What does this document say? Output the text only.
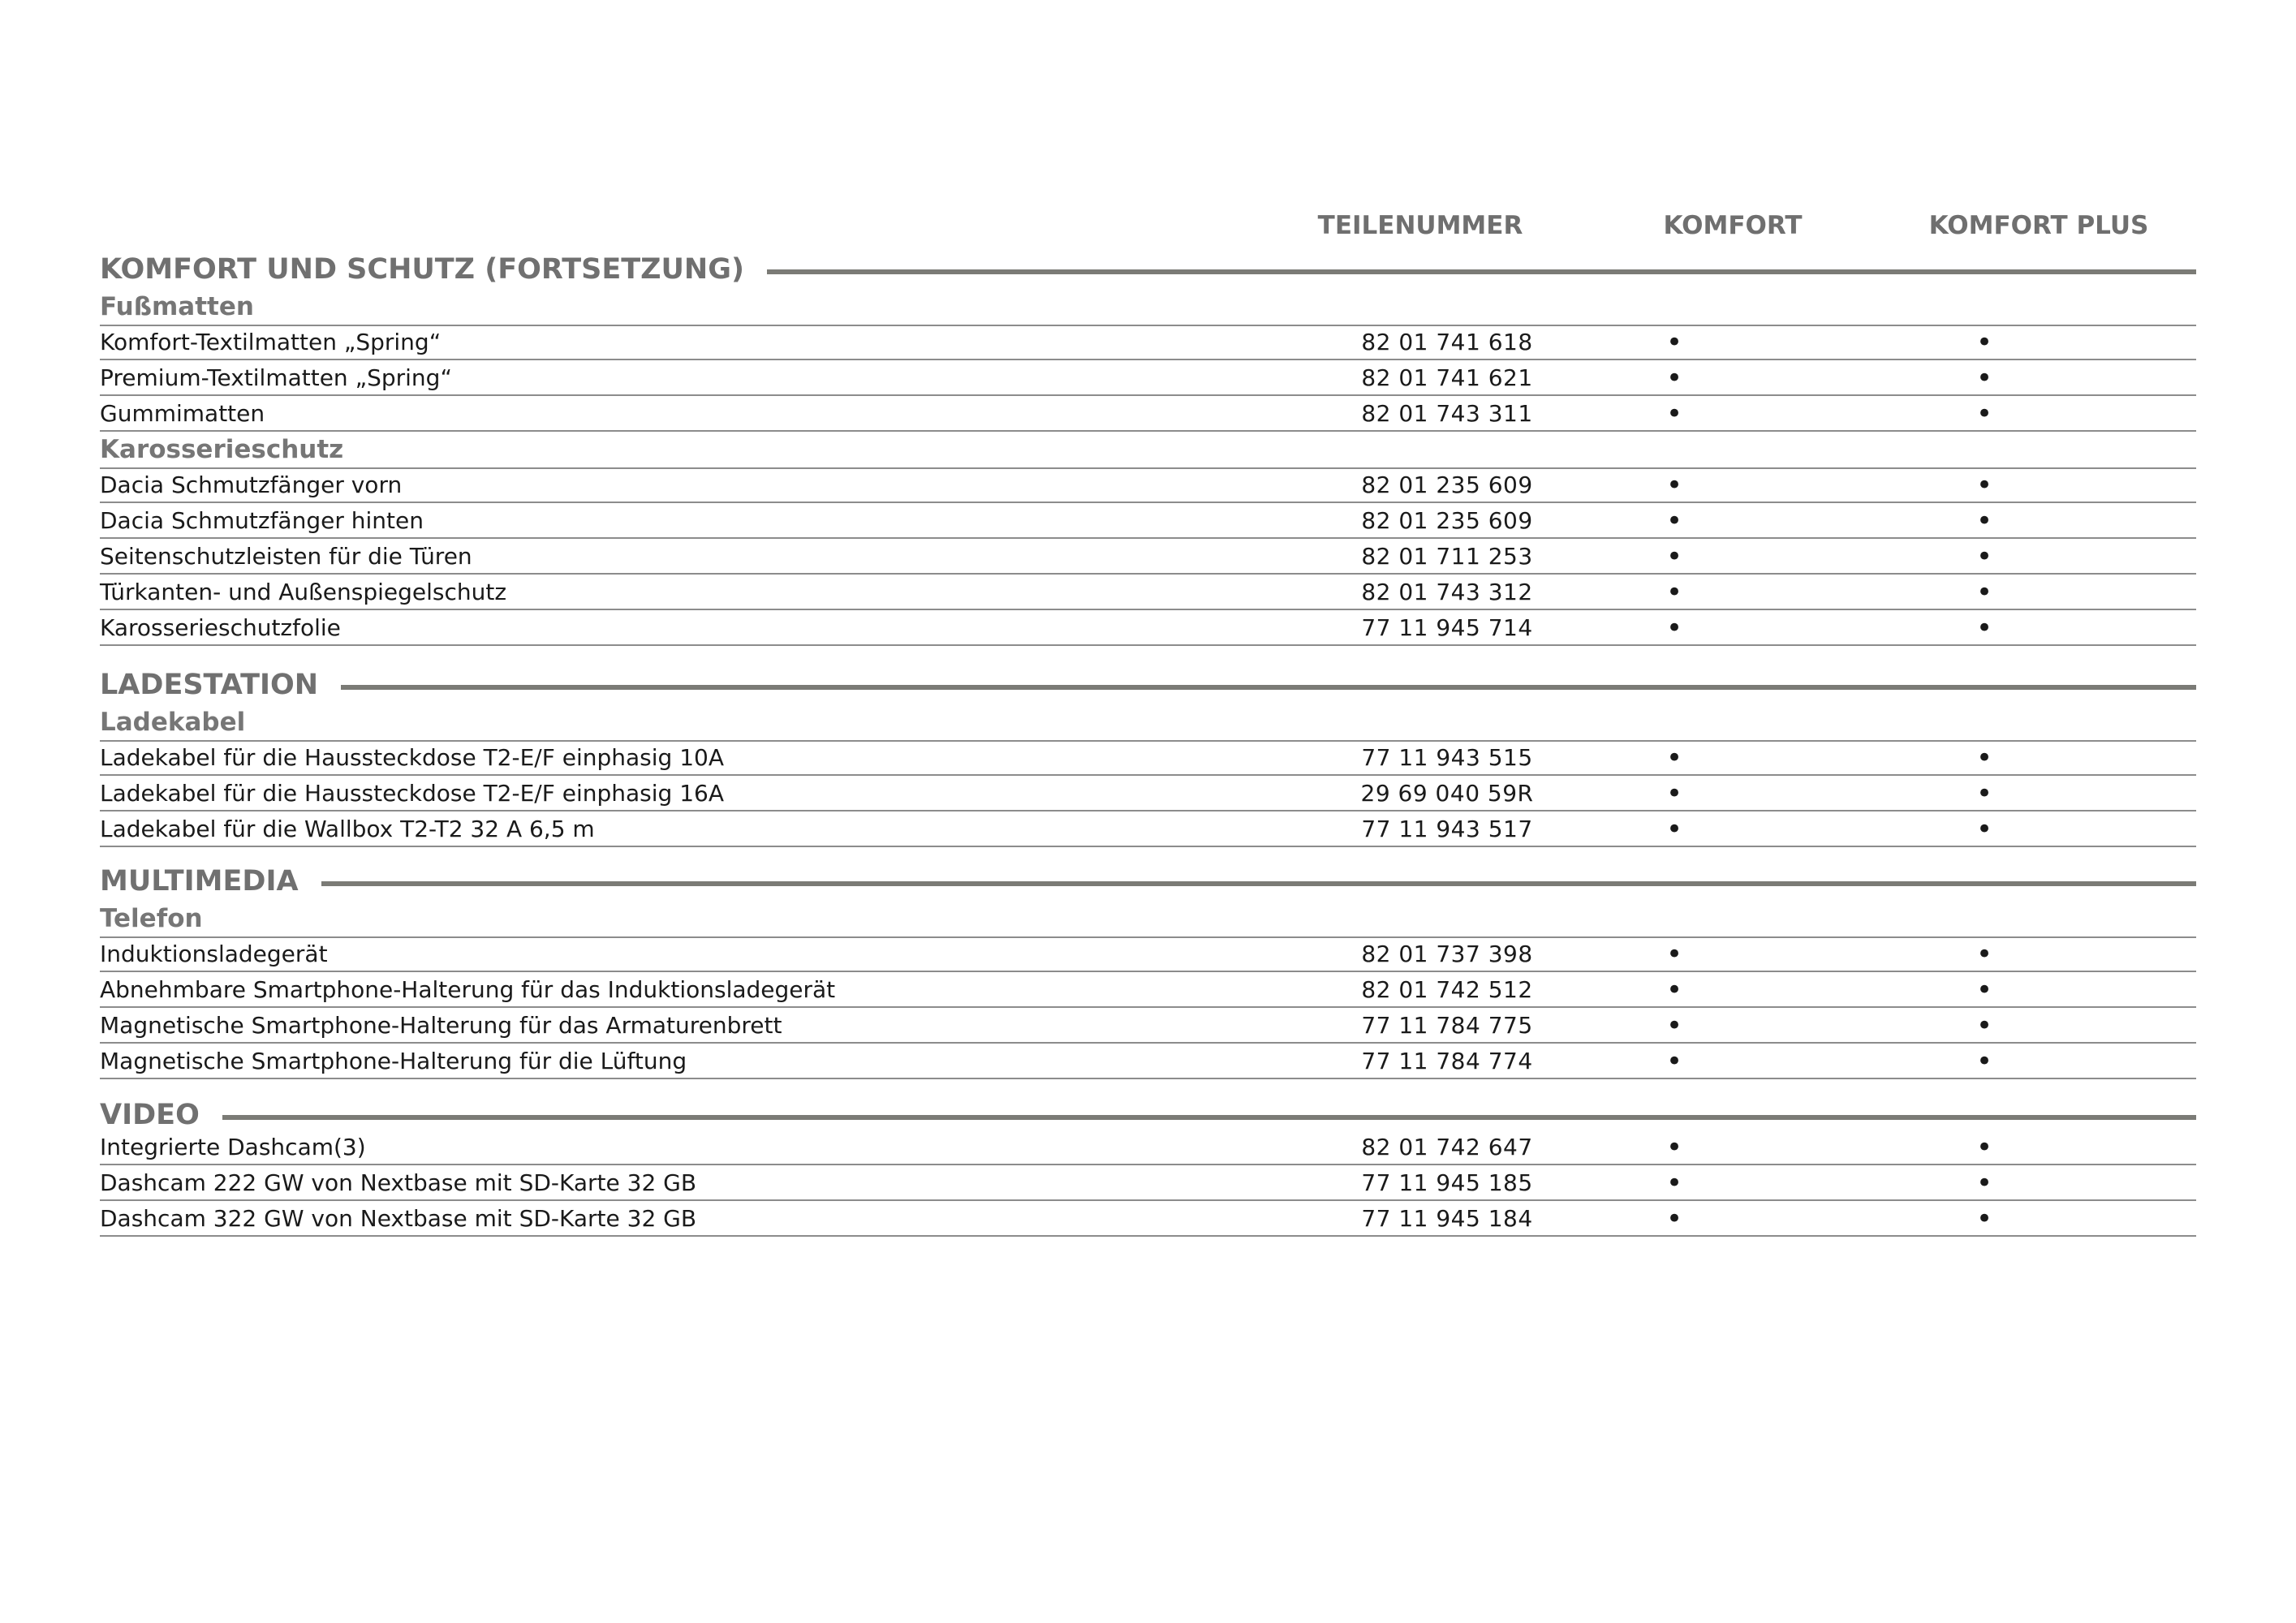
TEILENUMMER	KOMFORT	KOMFORT PLUS
KOMFORT UND SCHUTZ (FORTSETZUNG)
Fußmatten
Komfort-Textilmatten „Spring“	82 01 741 618	•	•
Premium-Textilmatten „Spring“	82 01 741 621	•	•
Gummimatten	82 01 743 311	•	•
Karosserieschutz
Dacia Schmutzfänger vorn	82 01 235 609	•	•
Dacia Schmutzfänger hinten	82 01 235 609	•	•
Seitenschutzleisten für die Türen	82 01 711 253	•	•
Türkanten- und Außenspiegelschutz	82 01 743 312	•	•
Karosserieschutzfolie	77 11 945 714	•	•
LADESTATION
Ladekabel
Ladekabel für die Haussteckdose T2-E/F einphasig 10A	77 11 943 515	•	•
Ladekabel für die Haussteckdose T2-E/F einphasig 16A	29 69 040 59R	•	•
Ladekabel für die Wallbox T2-T2 32 A 6,5 m	77 11 943 517	•	•
MULTIMEDIA
Telefon
Induktionsladegerät	82 01 737 398	•	•
Abnehmbare Smartphone-Halterung für das Induktionsladegerät	82 01 742 512	•	•
Magnetische Smartphone-Halterung für das Armaturenbrett	77 11 784 775	•	•
Magnetische Smartphone-Halterung für die Lüftung	77 11 784 774	•	•
VIDEO
Integrierte Dashcam(3)	82 01 742 647	•	•
Dashcam 222 GW von Nextbase mit SD-Karte 32 GB	77 11 945 185	•	•
Dashcam 322 GW von Nextbase mit SD-Karte 32 GB	77 11 945 184	•	•
